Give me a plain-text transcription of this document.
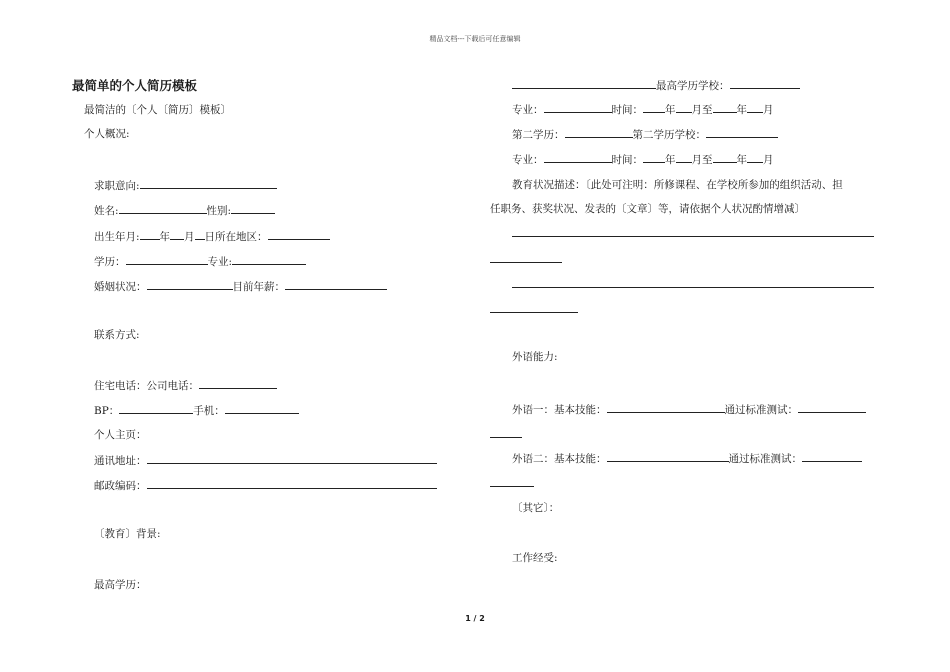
精品文档---下载后可任意编辑
最简单的个人简历模板
最简洁的〔个人〔简历〕模板〕
个人概况:
求职意向:
姓名:	性别:
出生年月: 年 月 日所在地区：
学历：	专业:
婚姻状况：	目前年薪：
联系方式:
住宅电话：公司电话：
BP：	手机：
个人主页：
通讯地址：
邮政编码：
〔教育〕背景:
最高学历：
最高学历学校：
专业：	时间： 年 月至 年 月
第二学历：	第二学历学校：
专业：	时间： 年 月至 年 月
教育状况描述：〔此处可注明：所修课程、在学校所参加的组织活动、担
任职务、获奖状况、发表的〔文章〕等，请依据个人状况酌情增减〕
外语能力:
外语一：基本技能：	通过标准测试：
外语二：基本技能：	通过标准测试：
〔其它〕：
工作经受:
1 / 2
